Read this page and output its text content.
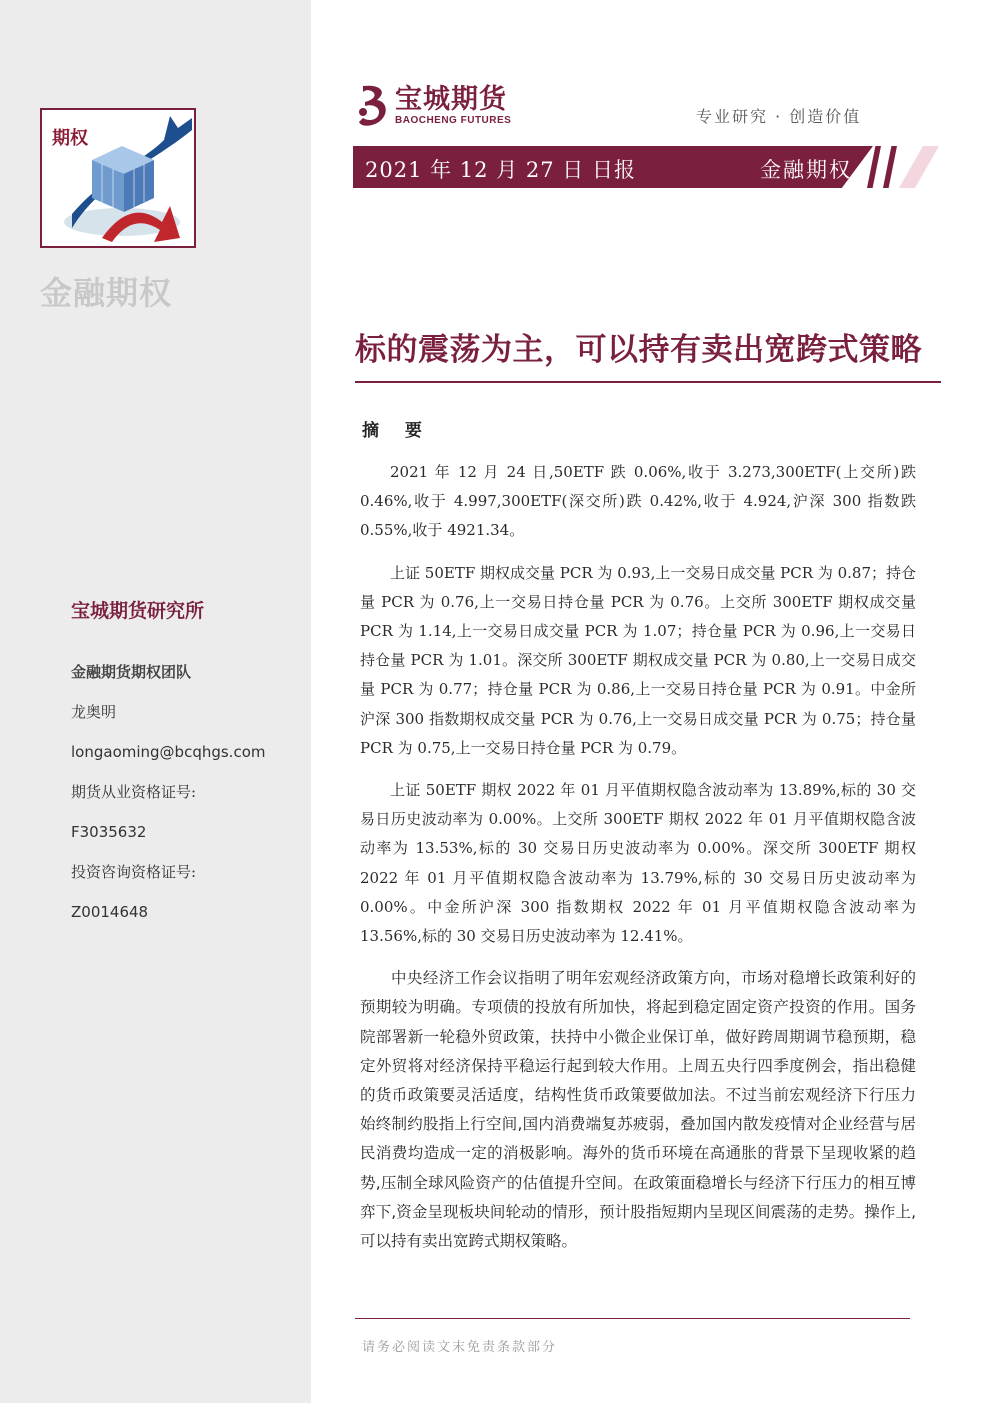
期权
金融期权
宝城期货研究所
金融期货期权团队
龙奥明
longaoming@bcqhgs.com
期货从业资格证号:
F3035632
投资咨询资格证号:
Z0014648
宝城期货
BAOCHENG FUTURES	专业研究 · 创造价值
2021 年 12 月 27 日 日报	金融期权
标的震荡为主，可以持有卖出宽跨式策略
摘 要

2021 年 12 月 24 日,50ETF 跌 0.06%,收于 3.273,300ETF(上交所)跌 0.46%,收于 4.997,300ETF(深交所)跌 0.42%,收于 4.924,沪深 300 指数跌 0.55%,收于 4921.34。

上证 50ETF 期权成交量 PCR 为 0.93,上一交易日成交量 PCR 为 0.87；持仓量 PCR 为 0.76,上一交易日持仓量 PCR 为 0.76。上交所 300ETF 期权成交量 PCR 为 1.14,上一交易日成交量 PCR 为 1.07；持仓量 PCR 为 0.96,上一交易日持仓量 PCR 为 1.01。深交所 300ETF 期权成交量 PCR 为 0.80,上一交易日成交量 PCR 为 0.77；持仓量 PCR 为 0.86,上一交易日持仓量 PCR 为 0.91。中金所沪深 300 指数期权成交量 PCR 为 0.76,上一交易日成交量 PCR 为 0.75；持仓量 PCR 为 0.75,上一交易日持仓量 PCR 为 0.79。

上证 50ETF 期权 2022 年 01 月平值期权隐含波动率为 13.89%,标的 30 交易日历史波动率为 0.00%。上交所 300ETF 期权 2022 年 01 月平值期权隐含波动率为 13.53%,标的 30 交易日历史波动率为 0.00%。深交所 300ETF 期权 2022 年 01 月平值期权隐含波动率为 13.79%,标的 30 交易日历史波动率为 0.00%。中金所沪深 300 指数期权 2022 年 01 月平值期权隐含波动率为 13.56%,标的 30 交易日历史波动率为 12.41%。

中央经济工作会议指明了明年宏观经济政策方向，市场对稳增长政策利好的预期较为明确。专项债的投放有所加快，将起到稳定固定资产投资的作用。国务院部署新一轮稳外贸政策，扶持中小微企业保订单，做好跨周期调节稳预期，稳定外贸将对经济保持平稳运行起到较大作用。上周五央行四季度例会，指出稳健的货币政策要灵活适度，结构性货币政策要做加法。不过当前宏观经济下行压力始终制约股指上行空间,国内消费端复苏疲弱，叠加国内散发疫情对企业经营与居民消费均造成一定的消极影响。海外的货币环境在高通胀的背景下呈现收紧的趋势,压制全球风险资产的估值提升空间。在政策面稳增长与经济下行压力的相互博弈下,资金呈现板块间轮动的情形，预计股指短期内呈现区间震荡的走势。操作上,可以持有卖出宽跨式期权策略。

请务必阅读文末免责条款部分
